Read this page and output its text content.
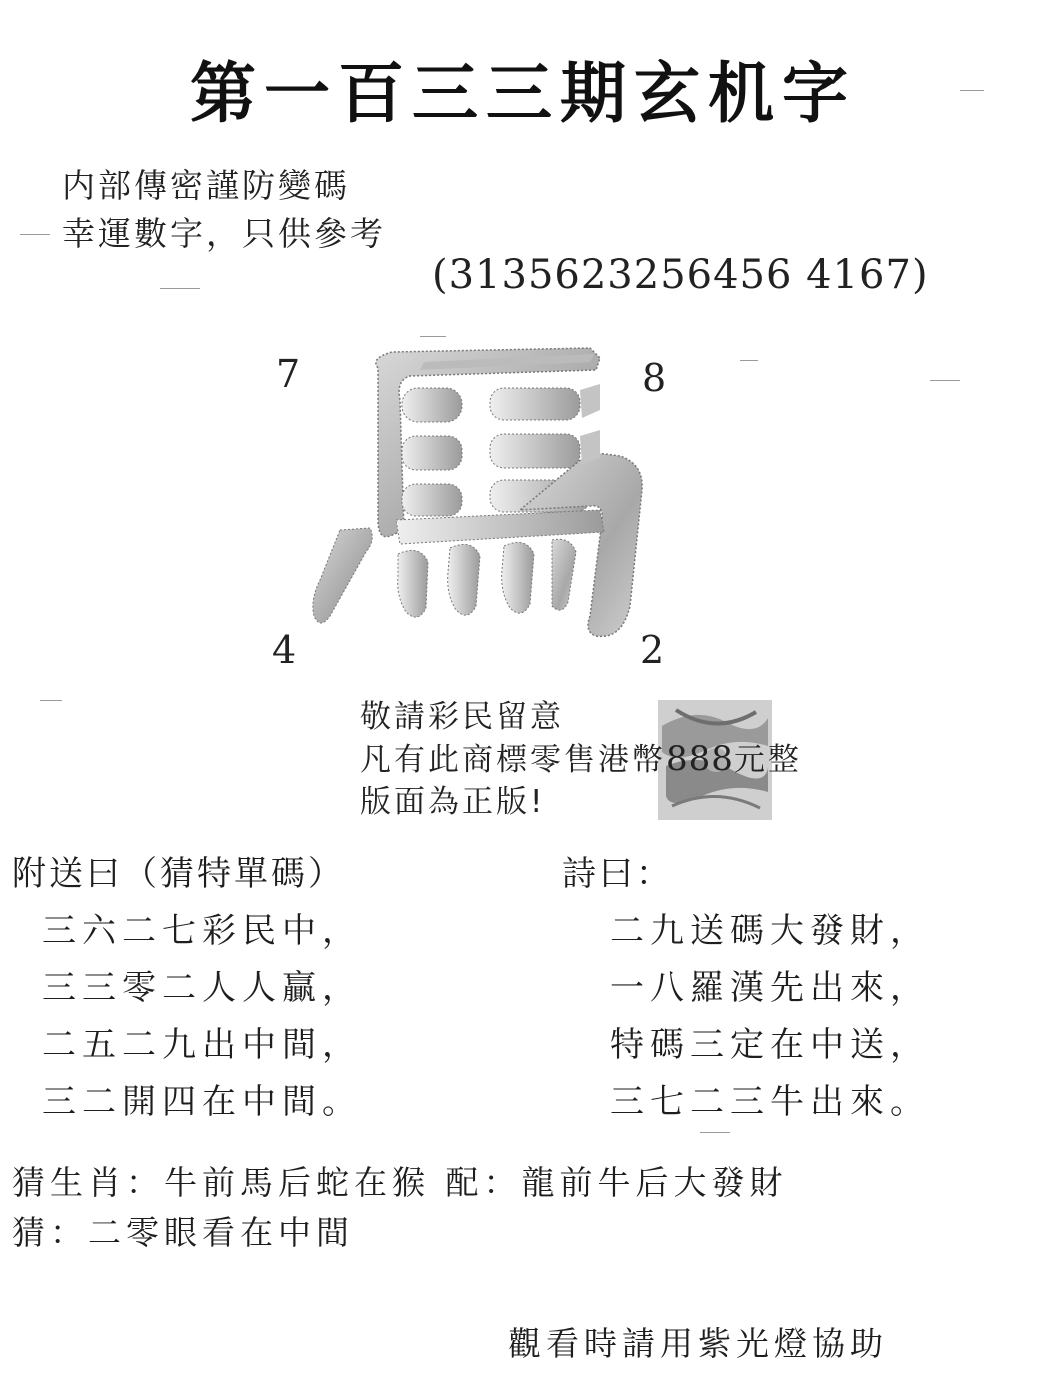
第一百三三期玄机字
内部傳密謹防變碼
幸運數字，只供參考
(3135623256456 4167)
7	8
4	2
敬請彩民留意
凡有此商標零售港幣888元整
版面為正版!
附送曰（猜特單碼）
三六二七彩民中，
三三零二人人贏，
二五二九出中間，
三二開四在中間。
詩曰：
二九送碼大發財，
一八羅漢先出來，
特碼三定在中送，
三七二三牛出來。
猜生肖：牛前馬后蛇在猴 配：龍前牛后大發財
猜：二零眼看在中間
觀看時請用紫光燈協助
